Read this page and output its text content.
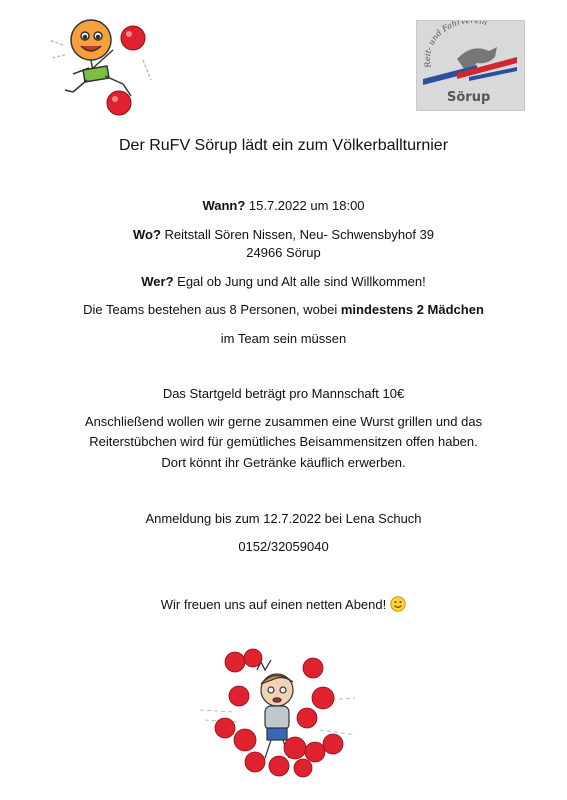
Reit- und Fahrv in
Sörup
Der RuFV Sörup lädt ein zum Völkerballturnier
Wann? 15.7.2022 um 18:00
Wo? Reitstall Sören Nissen, Neu- Schwensbyhof 39
24966 Sörup
Wer? Egal ob Jung und Alt alle sind Willkommen!
Die Teams bestehen aus 8 Personen, wobei mindestens 2 Mädchen
im Team sein müssen
Das Startgeld beträgt pro Mannschaft 10€
Anschließend wollen wir gerne zusammen eine Wurst grillen und das
Reiterstübchen wird für gemütliches Beisammensitzen offen haben.
Dort könnt ihr Getränke käuflich erwerben.
Anmeldung bis zum 12.7.2022 bei Lena Schuch
0152/32059040
Wir freuen uns auf einen netten Abend!
